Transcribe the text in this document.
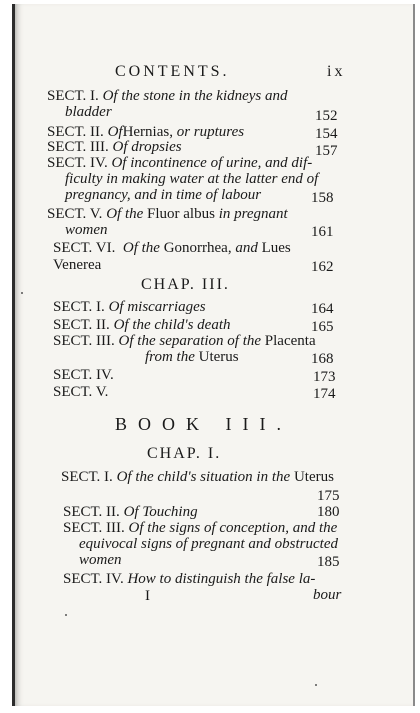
CONTENTS.	ix
SECT. I. Of the stone in the kidneys and
bladder	152
SECT. II. OfHernias, or ruptures	154
SECT. III. Of dropsies	157
SECT. IV. Of incontinence of urine, and dif-
ficulty in making water at the latter end of
pregnancy, and in time of labour	158
SECT. V. Of the Fluor albus in pregnant
women	161
SECT. VI. Of the Gonorrhea, and Lues
Venerea	162
CHAP. III.
SECT. I. Of miscarriages	164
SECT. II. Of the child's death	165
SECT. III. Of the separation of the Placenta
from the Uterus	168
SECT. IV.	173
SECT. V.	174
BOOK III.
CHAP. I.
SECT. I. Of the child's situation in the Uterus
175
SECT. II. Of Touching	180
SECT. III. Of the signs of conception, and the
equivocal signs of pregnant and obstructed
women	185
SECT. IV. How to distinguish the false la-
bour
I
